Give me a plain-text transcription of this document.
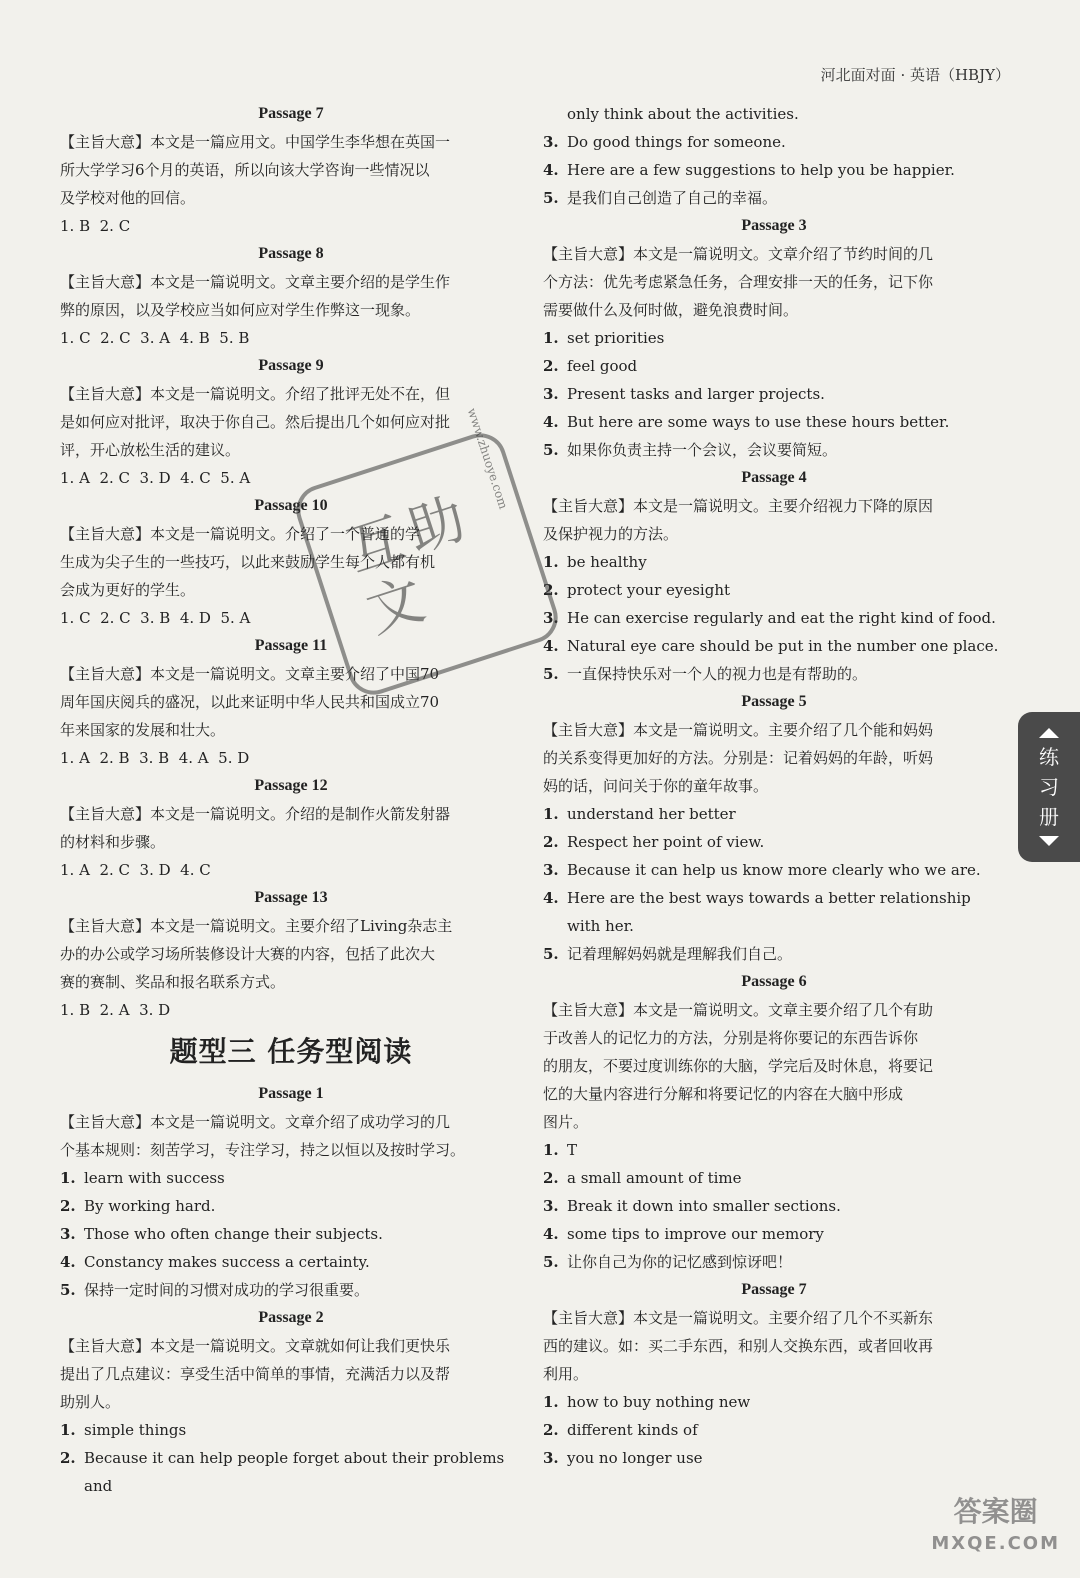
河北面对面 · 英语（HBJY）
Passage 7
【主旨大意】本文是一篇应用文。中国学生李华想在英国一
所大学学习6个月的英语，所以向该大学咨询一些情况以
及学校对他的回信。
1. B  2. C
Passage 8
【主旨大意】本文是一篇说明文。文章主要介绍的是学生作
弊的原因，以及学校应当如何应对学生作弊这一现象。
1. C  2. C  3. A  4. B  5. B
Passage 9
【主旨大意】本文是一篇说明文。介绍了批评无处不在，但
是如何应对批评，取决于你自己。然后提出几个如何应对批
评，开心放松生活的建议。
1. A  2. C  3. D  4. C  5. A
Passage 10
【主旨大意】本文是一篇说明文。介绍了一个普通的学
生成为尖子生的一些技巧，以此来鼓励学生每个人都有机
会成为更好的学生。
1. C  2. C  3. B  4. D  5. A
Passage 11
【主旨大意】本文是一篇说明文。文章主要介绍了中国70
周年国庆阅兵的盛况，以此来证明中华人民共和国成立70
年来国家的发展和壮大。
1. A  2. B  3. B  4. A  5. D
Passage 12
【主旨大意】本文是一篇说明文。介绍的是制作火箭发射器
的材料和步骤。
1. A  2. C  3. D  4. C
Passage 13
【主旨大意】本文是一篇说明文。主要介绍了Living杂志主
办的办公或学习场所装修设计大赛的内容，包括了此次大
赛的赛制、奖品和报名联系方式。
1. B  2. A  3. D
题型三 任务型阅读
Passage 1
【主旨大意】本文是一篇说明文。文章介绍了成功学习的几
个基本规则：刻苦学习，专注学习，持之以恒以及按时学习。
1. learn with success
2. By working hard.
3. Those who often change their subjects.
4. Constancy makes success a certainty.
5. 保持一定时间的习惯对成功的学习很重要。
Passage 2
【主旨大意】本文是一篇说明文。文章就如何让我们更快乐
提出了几点建议：享受生活中简单的事情，充满活力以及帮
助别人。
1. simple things
2. Because it can help people forget about their problems and
only think about the activities.
3. Do good things for someone.
4. Here are a few suggestions to help you be happier.
5. 是我们自己创造了自己的幸福。
Passage 3
【主旨大意】本文是一篇说明文。文章介绍了节约时间的几
个方法：优先考虑紧急任务，合理安排一天的任务，记下你
需要做什么及何时做，避免浪费时间。
1. set priorities
2. feel good
3. Present tasks and larger projects.
4. But here are some ways to use these hours better.
5. 如果你负责主持一个会议，会议要简短。
Passage 4
【主旨大意】本文是一篇说明文。主要介绍视力下降的原因
及保护视力的方法。
1. be healthy
2. protect your eyesight
3. He can exercise regularly and eat the right kind of food.
4. Natural eye care should be put in the number one place.
5. 一直保持快乐对一个人的视力也是有帮助的。
Passage 5
【主旨大意】本文是一篇说明文。主要介绍了几个能和妈妈
的关系变得更加好的方法。分别是：记着妈妈的年龄，听妈
妈的话，问问关于你的童年故事。
1. understand her better
2. Respect her point of view.
3. Because it can help us know more clearly who we are.
4. Here are the best ways towards a better relationship
with her.
5. 记着理解妈妈就是理解我们自己。
Passage 6
【主旨大意】本文是一篇说明文。文章主要介绍了几个有助
于改善人的记忆力的方法，分别是将你要记的东西告诉你
的朋友，不要过度训练你的大脑，学完后及时休息，将要记
忆的大量内容进行分解和将要记忆的内容在大脑中形成
图片。
1. T
2. a small amount of time
3. Break it down into smaller sections.
4. some tips to improve our memory
5. 让你自己为你的记忆感到惊讶吧！
Passage 7
【主旨大意】本文是一篇说明文。主要介绍了几个不买新东
西的建议。如：买二手东西，和别人交换东西，或者回收再
利用。
1. how to buy nothing new
2. different kinds of
3. you no longer use
练
习
册
互助文
www.zhuoye.com
答案圈
MXQE.COM
